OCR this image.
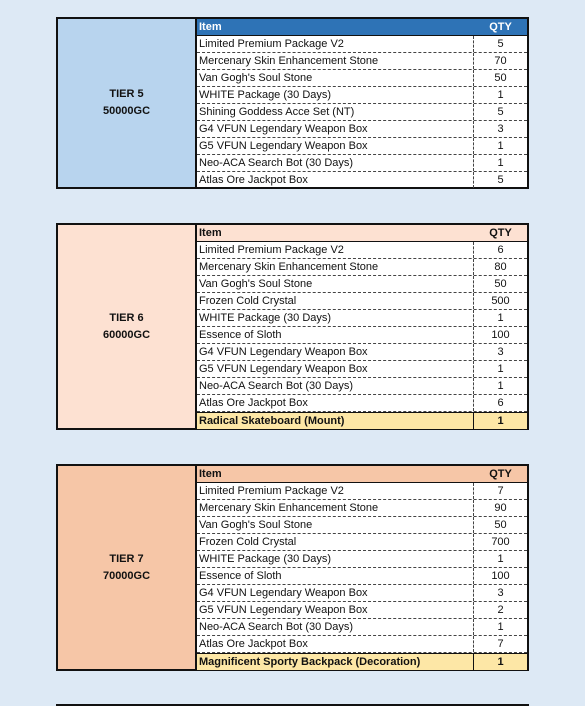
TIER 5
50000GC
Item	QTY
Limited Premium Package V2	5
Mercenary Skin Enhancement Stone	70
Van Gogh's Soul Stone	50
WHITE Package (30 Days)	1
Shining Goddess Acce Set (NT)	5
G4 VFUN Legendary Weapon Box	3
G5 VFUN Legendary Weapon Box	1
Neo-ACA Search Bot (30 Days)	1
Atlas Ore Jackpot Box	5
TIER 6
60000GC
Item	QTY
Limited Premium Package V2	6
Mercenary Skin Enhancement Stone	80
Van Gogh's Soul Stone	50
Frozen Cold Crystal	500
WHITE Package (30 Days)	1
Essence of Sloth	100
G4 VFUN Legendary Weapon Box	3
G5 VFUN Legendary Weapon Box	1
Neo-ACA Search Bot (30 Days)	1
Atlas Ore Jackpot Box	6
Radical Skateboard (Mount)	1
TIER 7
70000GC
Item	QTY
Limited Premium Package V2	7
Mercenary Skin Enhancement Stone	90
Van Gogh's Soul Stone	50
Frozen Cold Crystal	700
WHITE Package (30 Days)	1
Essence of Sloth	100
G4 VFUN Legendary Weapon Box	3
G5 VFUN Legendary Weapon Box	2
Neo-ACA Search Bot (30 Days)	1
Atlas Ore Jackpot Box	7
Magnificent Sporty Backpack (Decoration)	1
